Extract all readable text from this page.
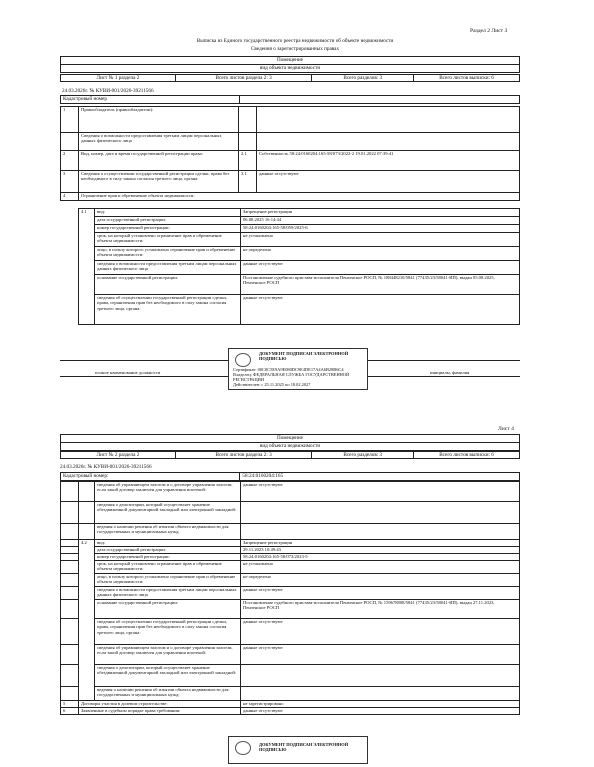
Раздел 2 Лист 3
Выписка из Единого государственного реестра недвижимости об объекте недвижимости
Сведения о зарегистрированных правах
Помещение
вид объекта недвижимости
Лист № 1 раздела 2	Всего листов раздела 2: 3	Всего разделов: 3	Всего листов выписки: 6
24.03.2026г. № КУВИ-001/2026-39211566
Кадастровый номер	
1	Правообладатель (правообладатели):		
	Сведения о возможности предоставления третьим лицам персональных данных физического лица		
2	Вид, номер, дата и время государственной регистрации права:	2.1	Собственность 58:24:0160204:165-58/073/2022-2 19.01.2022 07:39:41
3	Сведения о осуществлении государственной регистрации сделки, права без необходимого в силу закона согласия третьего лица, органа:	3.1	данные отсутствуют
4	Ограничение прав и обременение объекта недвижимости:		
4.1	вид:	Запрещение регистрации
	дата государственной регистрации:	06.08.2025 16:14:44
	номер государственной регистрации:	58:24:0160204:165-58/059/2025-6
	срок, на который установлено ограничение прав и обременение объекта недвижимости:	не установлено
	лицо, в пользу которого установлено ограничение прав и обременение объекта недвижимости:	не определено
	сведения о возможности предоставления третьим лицам персональных данных физического лица	данные отсутствуют
	основание государственной регистрации:	Постановление судебного пристава-исполнителя Пензенское РОСП, № 188448210/5841 (77435/23/58041-ИП), выдан 05.08.2025, Пензенское РОСП
	сведения об осуществлении государственной регистрации сделки, права, ограничения прав без необходимого в силу закона согласия третьего лица, органа:	данные отсутствуют
полное наименование должности	инициалы, фамилия
ДОКУМЕНТ ПОДПИСАН ЭЛЕКТРОННОЙ ПОДПИСЬЮ
Сертификат: 00C0C5E9A9E080DC9E4DE17A4A6B28B6C4
Владелец: ФЕДЕРАЛЬНАЯ СЛУЖБА ГОСУДАРСТВЕННОЙ РЕГИСТРАЦИИ
Действителен: с 25.11.2025 по 18.02.2027
Лист 4
Помещение
вид объекта недвижимости
Лист № 2 раздела 2	Всего листов раздела 2: 3	Всего разделов: 3	Всего листов выписки: 6
24.03.2026г. № КУВИ-001/2026-39211566
Кадастровый номер:	58:24:0160204:165
		сведения об управляющем залогом и о договоре управления залогом, если такой договор заключен для управления ипотекой:	данные отсутствуют
		сведения о депозитарии, который осуществляет хранение обездвиженной документарной закладной или электронной закладной:	
		ведения о наличии решения об изъятии объекта недвижимости для государственных и муниципальных нужд:	
	4.2	вид:	Запрещение регистрации
		дата государственной регистрации:	29.11.2023 10:49:43
		номер государственной регистрации:	58:24:0160204:165-58/073/2023-5
		срок, на который установлено ограничение прав и обременение объекта недвижимости:	не установлено
		лицо, в пользу которого установлено ограничение прав и обременение объекта недвижимости:	не определено
		сведения о возможности предоставления третьим лицам персональных данных физического лица	данные отсутствуют
		основание государственной регистрации:	Постановление судебного пристава-исполнителя Пензенское РОСП, № 159678808/5841 (77435/23/58041-ИП), выдан 27.11.2023, Пензенское РОСП
		сведения об осуществлении государственной регистрации сделки, права, ограничения прав без необходимого в силу закона согласия третьего лица, органа:	данные отсутствуют
		сведения об управляющем залогом и о договоре управления залогом, если такой договор заключен для управления ипотекой:	данные отсутствуют
		сведения о депозитарии, который осуществляет хранение обездвиженной документарной закладной или электронной закладной:	
		ведения о наличии решения об изъятии объекта недвижимости для государственных и муниципальных нужд:	
5	Договоры участия в долевом строительстве:		не зарегистрировано
6	Заявленные в судебном порядке права требования:		данные отсутствуют
ДОКУМЕНТ ПОДПИСАН ЭЛЕКТРОННОЙ ПОДПИСЬЮ
